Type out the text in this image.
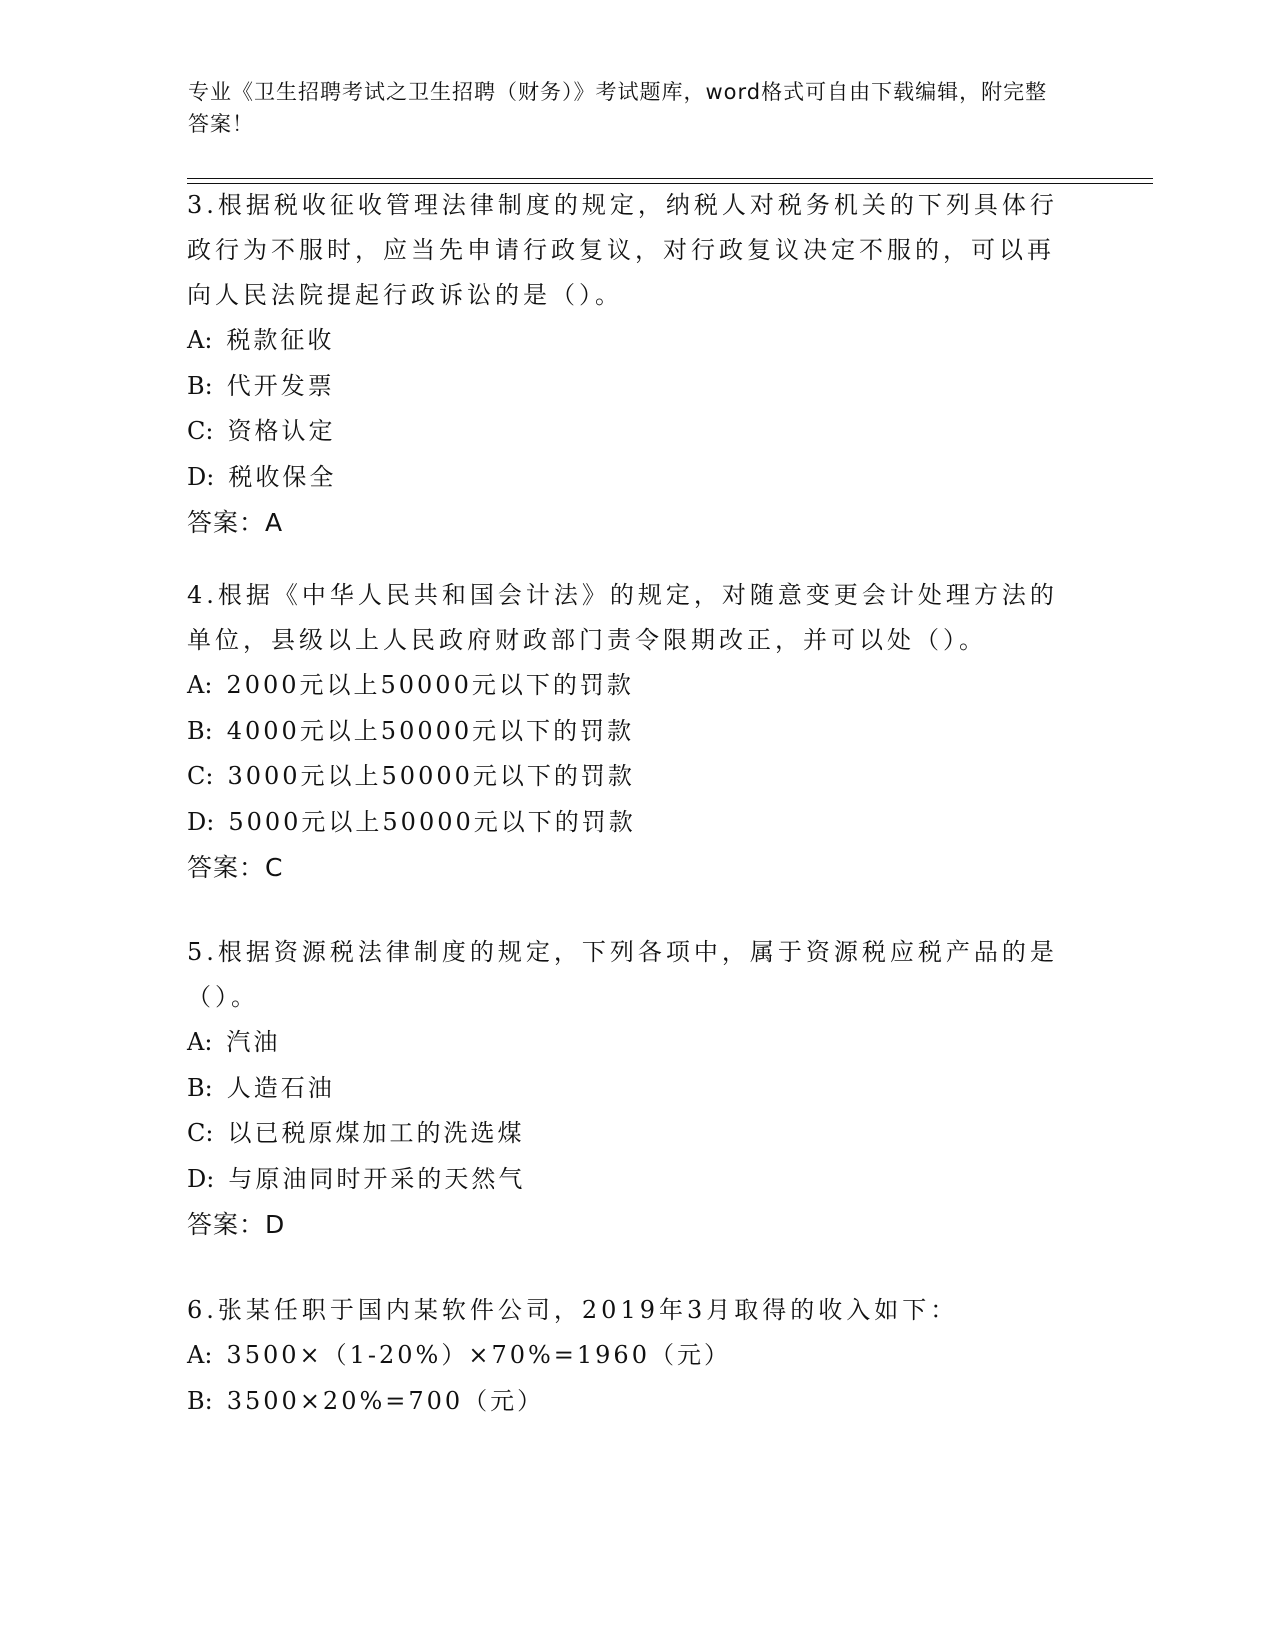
专业《卫生招聘考试之卫生招聘（财务）》考试题库，word格式可自由下载编辑，附完整答案！

3.根据税收征收管理法律制度的规定，纳税人对税务机关的下列具体行政行为不服时，应当先申请行政复议，对行政复议决定不服的，可以再向人民法院提起行政诉讼的是（）。

A: 税款征收

B: 代开发票

C: 资格认定

D: 税收保全

答案：A

4.根据《中华人民共和国会计法》的规定，对随意变更会计处理方法的单位，县级以上人民政府财政部门责令限期改正，并可以处（）。

A: 2000元以上50000元以下的罚款

B: 4000元以上50000元以下的罚款

C: 3000元以上50000元以下的罚款

D: 5000元以上50000元以下的罚款

答案：C

5.根据资源税法律制度的规定，下列各项中，属于资源税应税产品的是（）。

A: 汽油

B: 人造石油

C: 以已税原煤加工的洗选煤

D: 与原油同时开采的天然气

答案：D

6.张某任职于国内某软件公司，2019年3月取得的收入如下：

A: 3500×（1-20%）×70%=1960（元）

B: 3500×20%=700（元）
